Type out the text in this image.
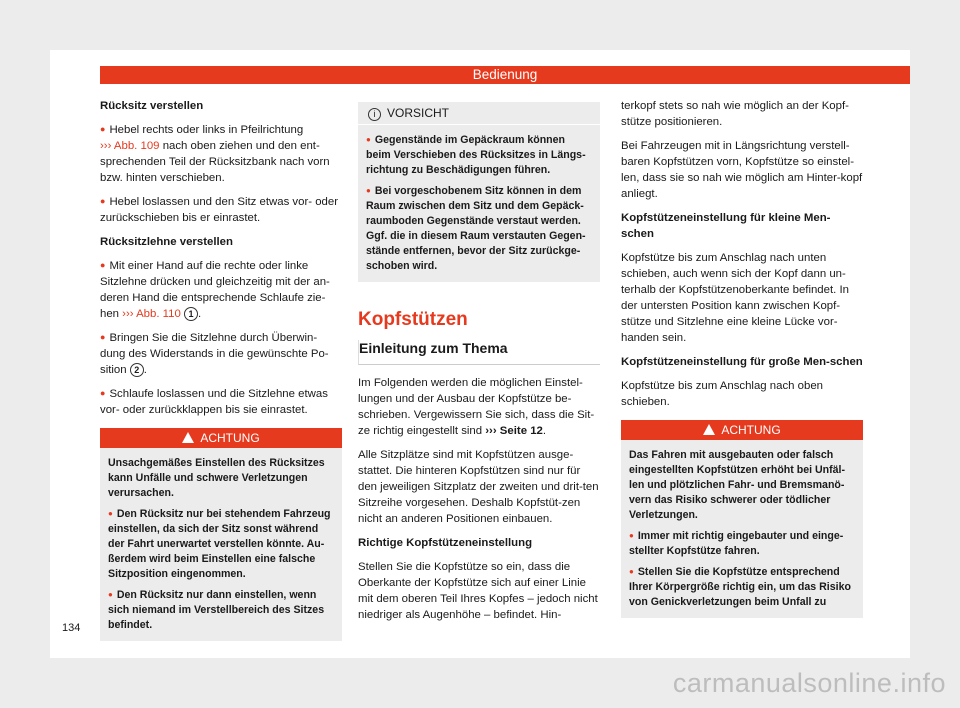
Bedienung

Rücksitz verstellen

● Hebel rechts oder links in Pfeilrichtung
››› Abb. 109 nach oben ziehen und den ent-sprechenden Teil der Rücksitzbank nach vorn bzw. hinten verschieben.

● Hebel loslassen und den Sitz etwas vor- oder zurückschieben bis er einrastet.

Rücksitzlehne verstellen

● Mit einer Hand auf die rechte oder linke Sitzlehne drücken und gleichzeitig mit der an-deren Hand die entsprechende Schlaufe zie-hen ››› Abb. 110 1 .

● Bringen Sie die Sitzlehne durch Überwin-dung des Widerstands in die gewünschte Po-sition 2 .

● Schlaufe loslassen und die Sitzlehne etwas vor- oder zurückklappen bis sie einrastet.

ACHTUNG

Unsachgemäßes Einstellen des Rücksitzes kann Unfälle und schwere Verletzungen verursachen.

● Den Rücksitz nur bei stehendem Fahrzeug einstellen, da sich der Sitz sonst während der Fahrt unerwartet verstellen könnte. Au-ßerdem wird beim Einstellen eine falsche Sitzposition eingenommen.

● Den Rücksitz nur dann einstellen, wenn sich niemand im Verstellbereich des Sitzes befindet.

i VORSICHT

● Gegenstände im Gepäckraum können beim Verschieben des Rücksitzes in Längs-richtung zu Beschädigungen führen.

● Bei vorgeschobenem Sitz können in dem Raum zwischen dem Sitz und dem Gepäck-raumboden Gegenstände verstaut werden. Ggf. die in diesem Raum verstauten Gegen-stände entfernen, bevor der Sitz zurückge-schoben wird.

Kopfstützen
Einleitung zum Thema

Im Folgenden werden die möglichen Einstel-lungen und der Ausbau der Kopfstütze be-schrieben. Vergewissern Sie sich, dass die Sit-ze richtig eingestellt sind ››› Seite 12.

Alle Sitzplätze sind mit Kopfstützen ausge-stattet. Die hinteren Kopfstützen sind nur für den jeweiligen Sitzplatz der zweiten und drit-ten Sitzreihe vorgesehen. Deshalb Kopfstüt-zen nicht an anderen Positionen einbauen.

Richtige Kopfstützeneinstellung

Stellen Sie die Kopfstütze so ein, dass die Oberkante der Kopfstütze sich auf einer Linie mit dem oberen Teil Ihres Kopfes – jedoch nicht niedriger als Augenhöhe – befindet. Hin-

terkopf stets so nah wie möglich an der Kopf-stütze positionieren.

Bei Fahrzeugen mit in Längsrichtung verstell-baren Kopfstützen vorn, Kopfstütze so einstel-len, dass sie so nah wie möglich am Hinter-kopf anliegt.

Kopfstützeneinstellung für kleine Men-schen

Kopfstütze bis zum Anschlag nach unten schieben, auch wenn sich der Kopf dann un-terhalb der Kopfstützenoberkante befindet. In der untersten Position kann zwischen Kopf-stütze und Sitzlehne eine kleine Lücke vor-handen sein.

Kopfstützeneinstellung für große Men-schen

Kopfstütze bis zum Anschlag nach oben schieben.

ACHTUNG

Das Fahren mit ausgebauten oder falsch eingestellten Kopfstützen erhöht bei Unfäl-len und plötzlichen Fahr- und Bremsmanö-vern das Risiko schwerer oder tödlicher Verletzungen.

● Immer mit richtig eingebauter und einge-stellter Kopfstütze fahren.

● Stellen Sie die Kopfstütze entsprechend Ihrer Körpergröße richtig ein, um das Risiko von Genickverletzungen beim Unfall zu

134
carmanualsonline.info
